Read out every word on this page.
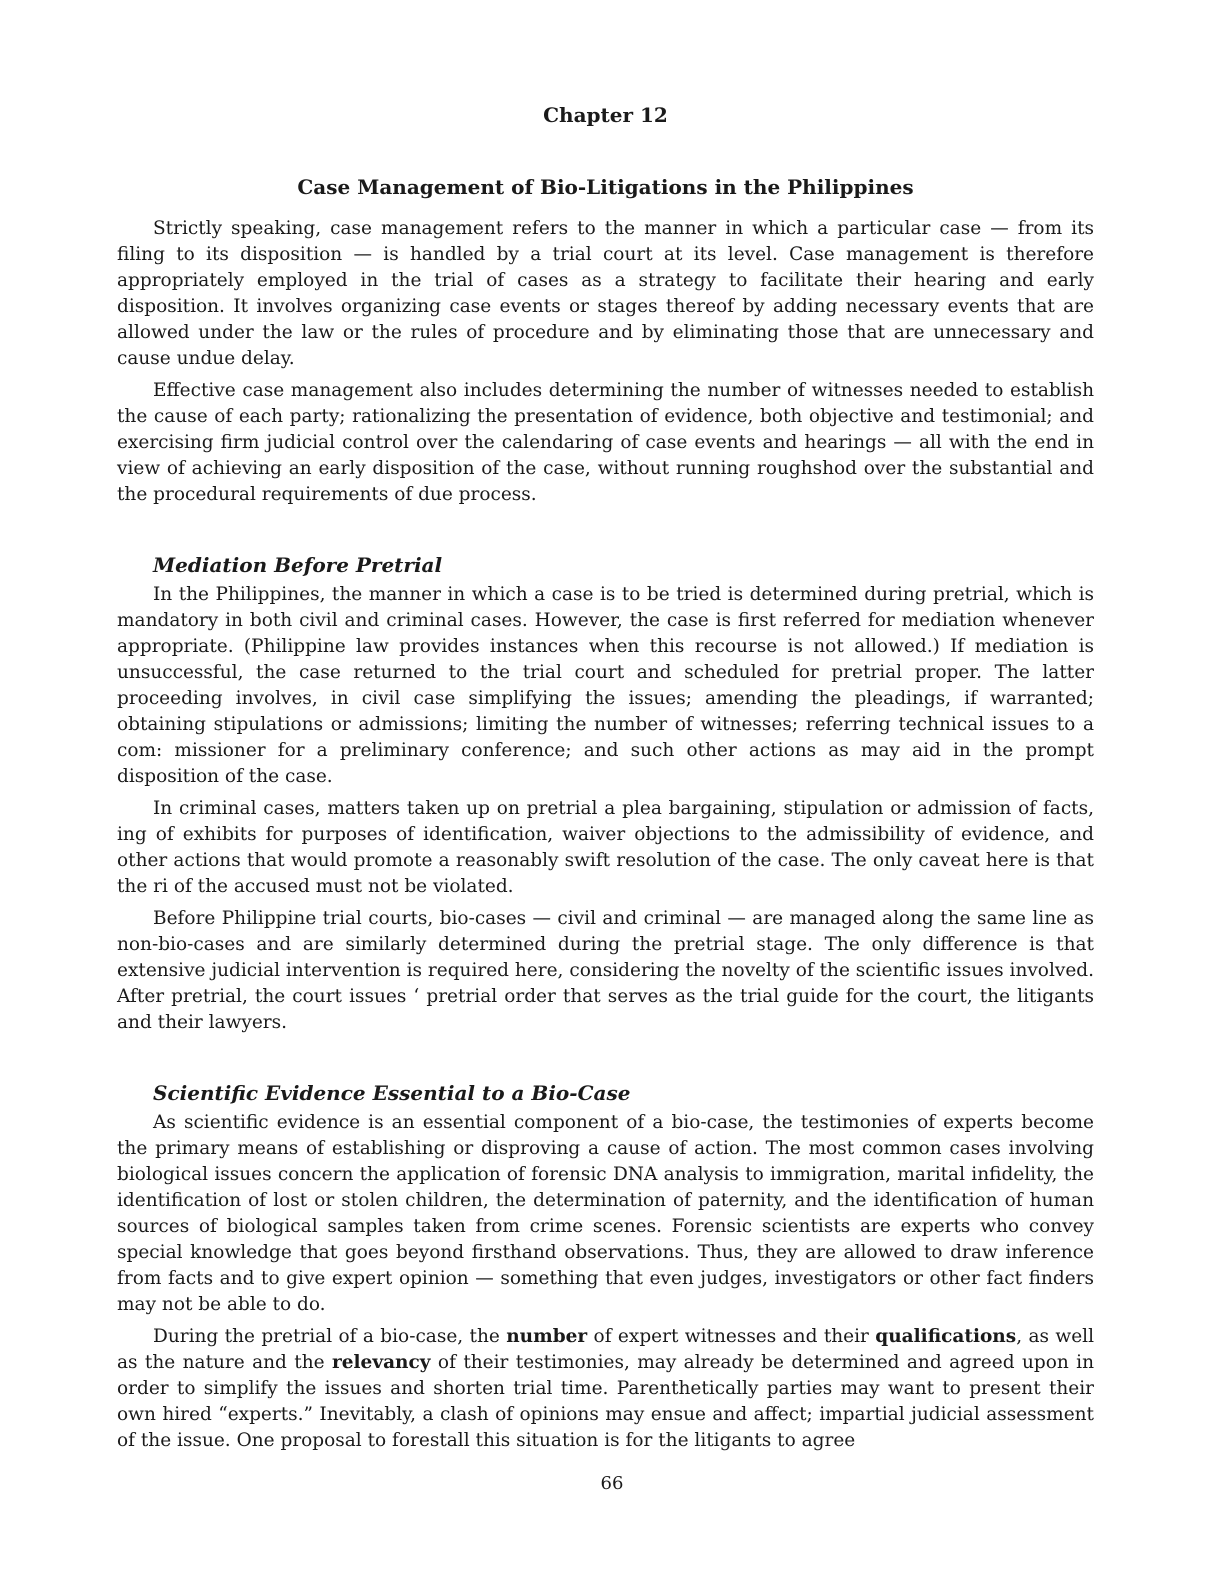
Chapter 12
Case Management of Bio-Litigations in the Philippines

Strictly speaking, case management refers to the manner in which a particular case — from its filing to its disposition — is handled by a trial court at its level. Case management is therefore appropriately employed in the trial of cases as a strategy to facilitate their hearing and early disposition. It involves organizing case events or stages thereof by adding necessary events that are allowed under the law or the rules of procedure and by eliminating those that are unnecessary and cause undue delay.

Effective case management also includes determining the number of witnesses needed to establish the cause of each party; rationalizing the presentation of evidence, both objective and testimonial; and exercising firm judicial control over the calendaring of case events and hearings — all with the end in view of achieving an early disposition of the case, without running roughshod over the substantial and the procedural requirements of due process.

Mediation Before Pretrial

In the Philippines, the manner in which a case is to be tried is determined during pretrial, which is mandatory in both civil and criminal cases. However, the case is first referred for mediation whenever appropriate. (Philippine law provides instances when this recourse is not allowed.) If mediation is unsuccessful, the case returned to the trial court and scheduled for pretrial proper. The latter proceeding involves, in civil case simplifying the issues; amending the pleadings, if warranted; obtaining stipulations or admissions; limiting the number of witnesses; referring technical issues to a com: missioner for a preliminary conference; and such other actions as may aid in the prompt disposition of the case.

In criminal cases, matters taken up on pretrial a plea bargaining, stipulation or admission of facts, ing of exhibits for purposes of identification, waiver objections to the admissibility of evidence, and other actions that would promote a reasonably swift resolution of the case. The only caveat here is that the ri of the accused must not be violated.

Before Philippine trial courts, bio-cases — civil and criminal — are managed along the same line as non-bio-cases and are similarly determined during the pretrial stage. The only difference is that extensive judicial intervention is required here, considering the novelty of the scientific issues involved. After pretrial, the court issues ‘ pretrial order that serves as the trial guide for the court, the litigants and their lawyers.

Scientific Evidence Essential to a Bio-Case

As scientific evidence is an essential component of a bio-case, the testimonies of experts become the primary means of establishing or disproving a cause of action. The most common cases involving biological issues concern the application of forensic DNA analysis to immigration, marital infidelity, the identification of lost or stolen children, the determination of paternity, and the identification of human sources of biological samples taken from crime scenes. Forensic scientists are experts who convey special knowledge that goes beyond firsthand observations. Thus, they are allowed to draw inference from facts and to give expert opinion — something that even judges, investigators or other fact finders may not be able to do.

During the pretrial of a bio-case, the number of expert witnesses and their qualifications, as well as the nature and the relevancy of their testimonies, may already be determined and agreed upon in order to simplify the issues and shorten trial time. Parenthetically parties may want to present their own hired “experts.” Inevitably, a clash of opinions may ensue and affect; impartial judicial assessment of the issue. One proposal to forestall this situation is for the litigants to agree

66
